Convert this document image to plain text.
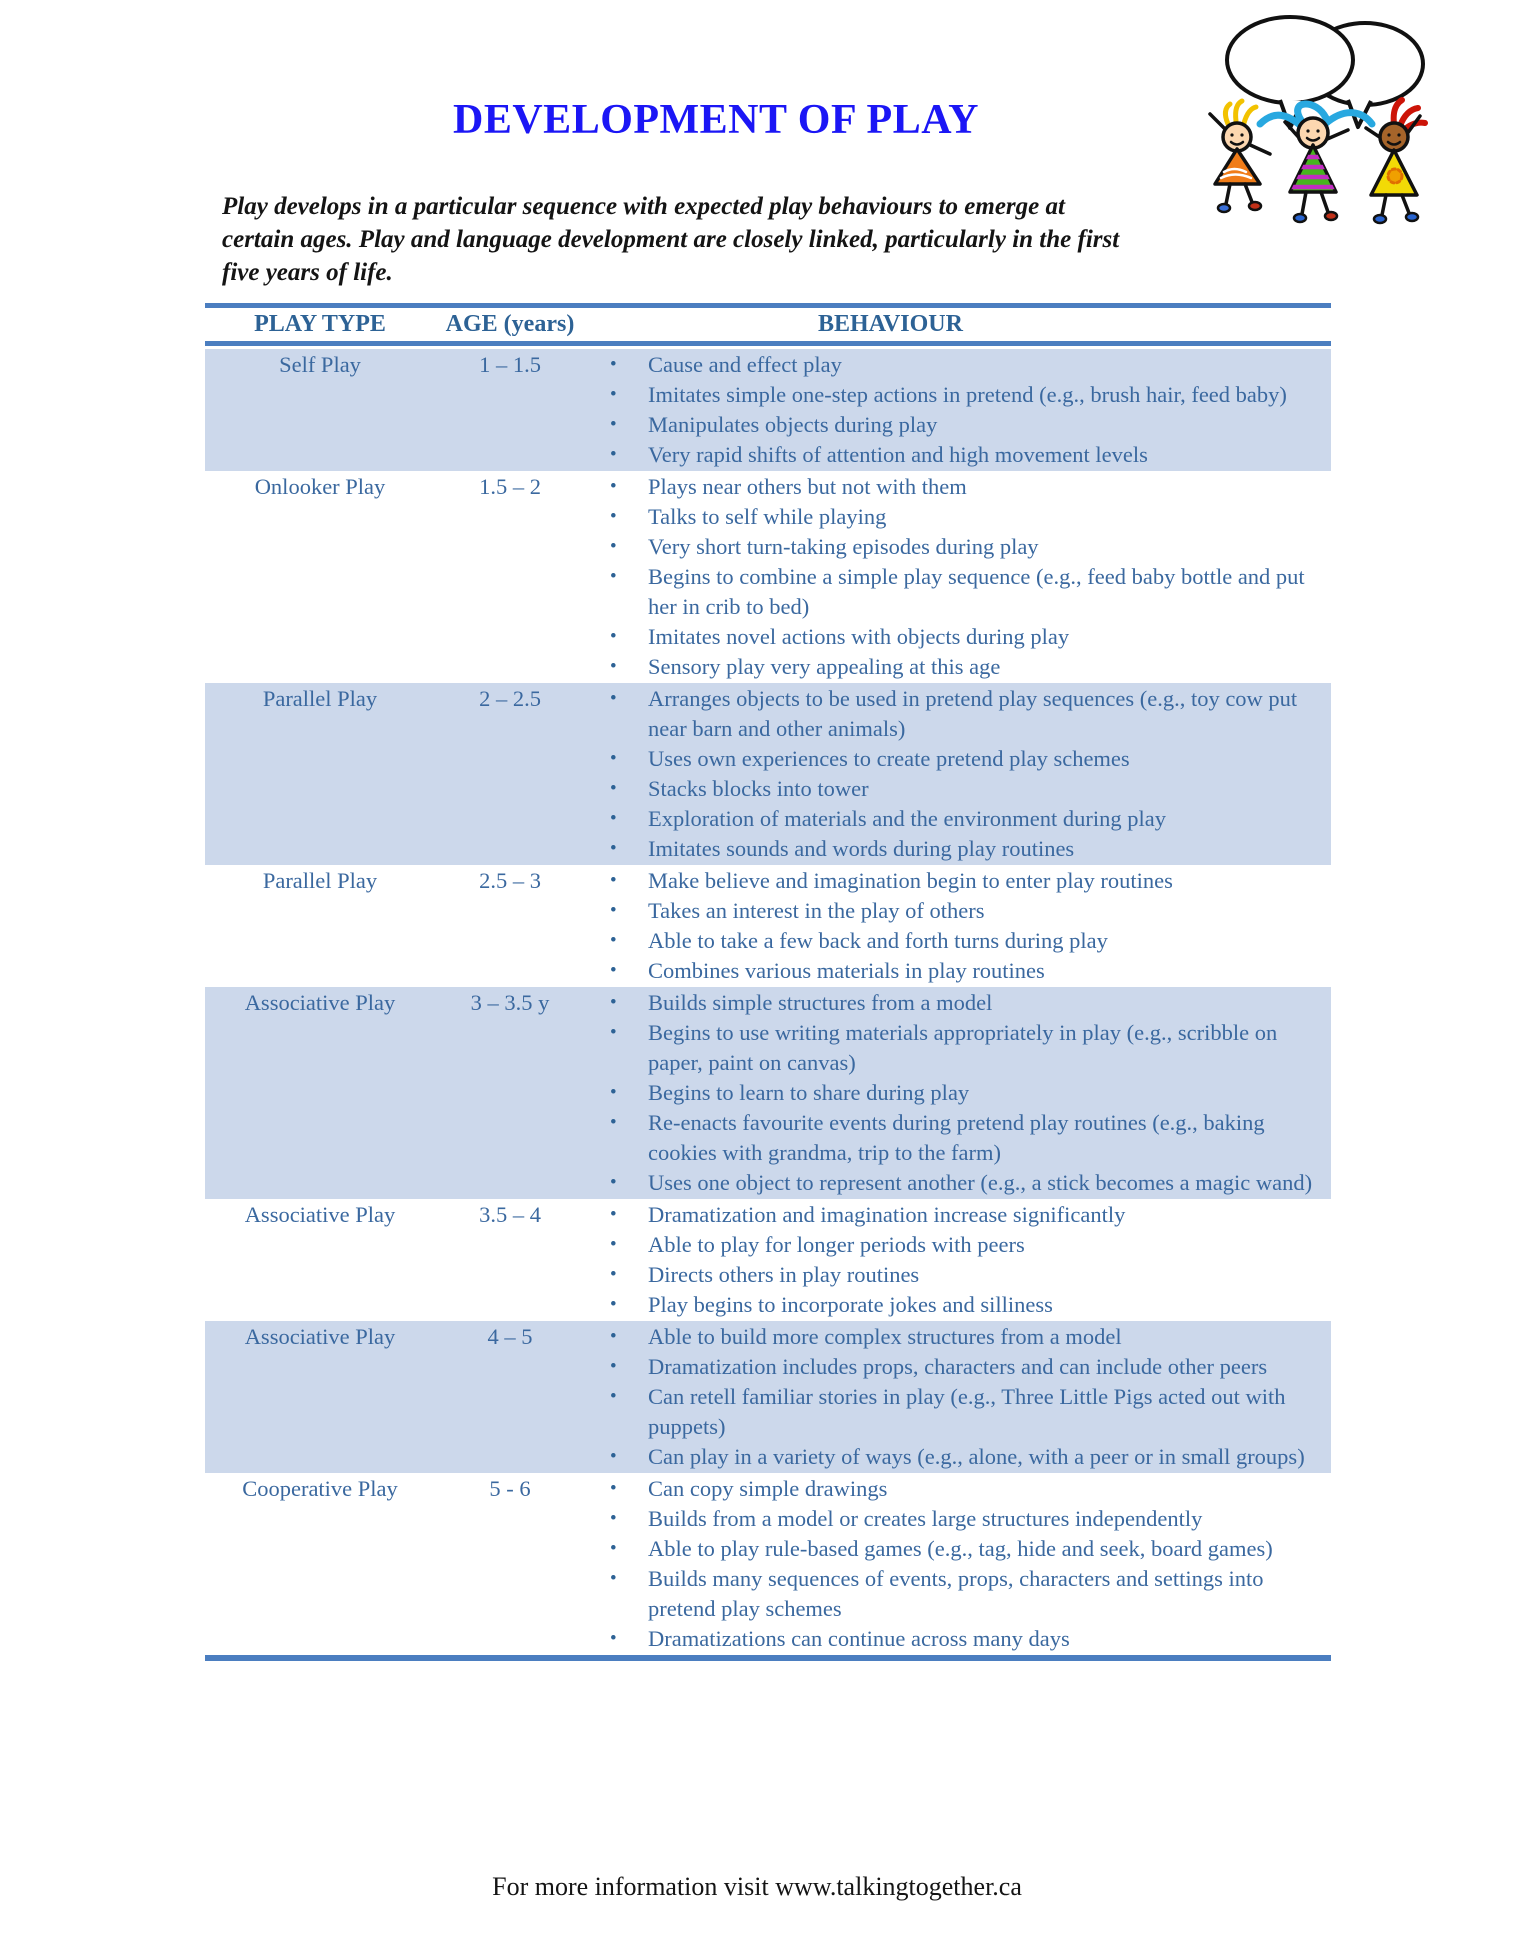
DEVELOPMENT OF PLAY
Play develops in a particular sequence with expected play behaviours to emerge at certain ages. Play and language development are closely linked, particularly in the first five years of life.
PLAY TYPE	AGE (years)	BEHAVIOUR
Self Play	1 – 1.5	•	Cause and effect play
•	Imitates simple one-step actions in pretend (e.g., brush hair, feed baby)
•	Manipulates objects during play
•	Very rapid shifts of attention and high movement levels
Onlooker Play	1.5 – 2	•	Plays near others but not with them
•	Talks to self while playing
•	Very short turn-taking episodes during play
•	Begins to combine a simple play sequence (e.g., feed baby bottle and put her in crib to bed)
•	Imitates novel actions with objects during play
•	Sensory play very appealing at this age
Parallel Play	2 – 2.5	•	Arranges objects to be used in pretend play sequences (e.g., toy cow put near barn and other animals)
•	Uses own experiences to create pretend play schemes
•	Stacks blocks into tower
•	Exploration of materials and the environment during play
•	Imitates sounds and words during play routines
Parallel Play	2.5 – 3	•	Make believe and imagination begin to enter play routines
•	Takes an interest in the play of others
•	Able to take a few back and forth turns during play
•	Combines various materials in play routines
Associative Play	3 – 3.5 y	•	Builds simple structures from a model
•	Begins to use writing materials appropriately in play (e.g., scribble on paper, paint on canvas)
•	Begins to learn to share during play
•	Re-enacts favourite events during pretend play routines (e.g., baking cookies with grandma, trip to the farm)
•	Uses one object to represent another (e.g., a stick becomes a magic wand)
Associative Play	3.5 – 4	•	Dramatization and imagination increase significantly
•	Able to play for longer periods with peers
•	Directs others in play routines
•	Play begins to incorporate jokes and silliness
Associative Play	4 – 5	•	Able to build more complex structures from a model
•	Dramatization includes props, characters and can include other peers
•	Can retell familiar stories in play (e.g., Three Little Pigs acted out with puppets)
•	Can play in a variety of ways (e.g., alone, with a peer or in small groups)
Cooperative Play	5 - 6	•	Can copy simple drawings
•	Builds from a model or creates large structures independently
•	Able to play rule-based games (e.g., tag, hide and seek, board games)
•	Builds many sequences of events, props, characters and settings into pretend play schemes
•	Dramatizations can continue across many days
For more information visit www.talkingtogether.ca
